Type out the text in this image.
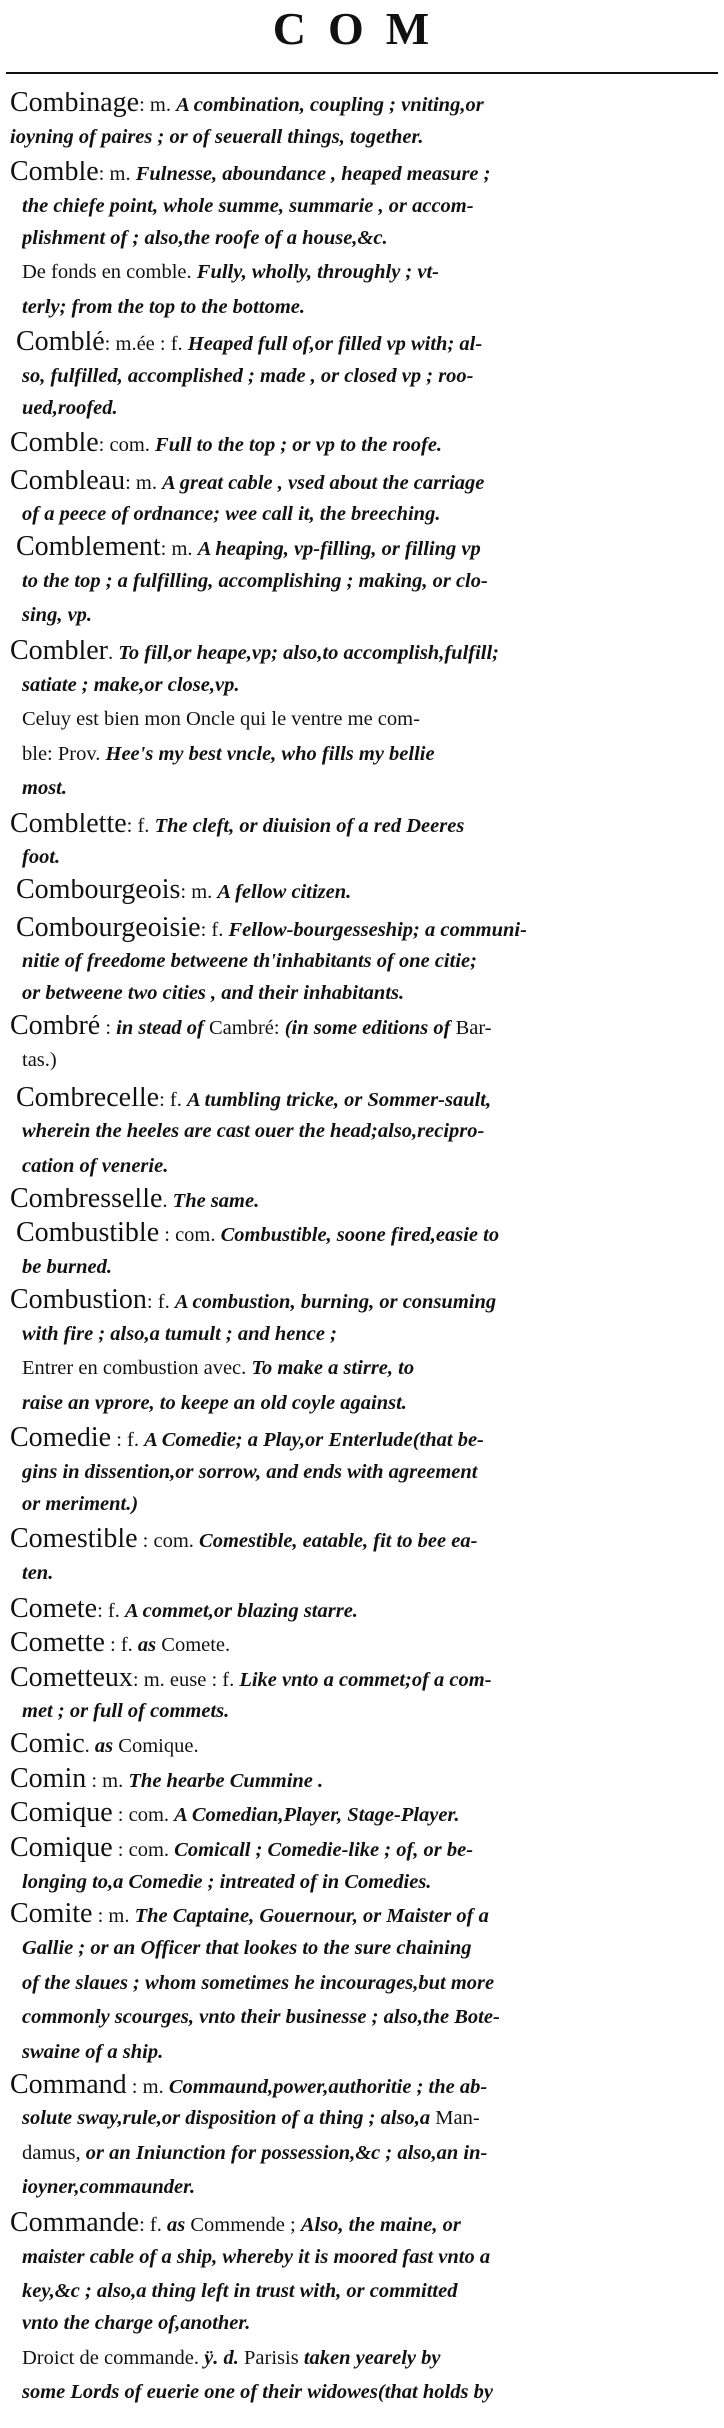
COM
Combinage: m. A combination, coupling ; vniting,or
ioyning of paires ; or of seuerall things, together.
Comble: m. Fulnesse, aboundance , heaped measure ;
the chiefe point, whole summe, summarie , or accom-
plishment of ; also,the roofe of a house,&c.
De fonds en comble. Fully, wholly, throughly ; vt-
terly; from the top to the bottome.
Comblé: m.ée : f. Heaped full of,or filled vp with; al-
so, fulfilled, accomplished ; made , or closed vp ; roo-
ued,roofed.
Comble: com. Full to the top ; or vp to the roofe.
Combleau: m. A great cable , vsed about the carriage
of a peece of ordnance; wee call it, the breeching.
Comblement: m. A heaping, vp-filling, or filling vp
to the top ; a fulfilling, accomplishing ; making, or clo-
sing, vp.
Combler. To fill,or heape,vp; also,to accomplish,fulfill;
satiate ; make,or close,vp.
Celuy est bien mon Oncle qui le ventre me com-
ble: Prov. Hee's my best vncle, who fills my bellie
most.
Comblette: f. The cleft, or diuision of a red Deeres
foot.
Combourgeois: m. A fellow citizen.
Combourgeoisie: f. Fellow-bourgesseship; a communi-
nitie of freedome betweene th'inhabitants of one citie;
or betweene two cities , and their inhabitants.
Combré : in stead of Cambré: (in some editions of Bar-
tas.)
Combrecelle: f. A tumbling tricke, or Sommer-sault,
wherein the heeles are cast ouer the head;also,recipro-
cation of venerie.
Combresselle. The same.
Combustible : com. Combustible, soone fired,easie to
be burned.
Combustion: f. A combustion, burning, or consuming
with fire ; also,a tumult ; and hence ;
Entrer en combustion avec. To make a stirre, to
raise an vprore, to keepe an old coyle against.
Comedie : f. A Comedie; a Play,or Enterlude(that be-
gins in dissention,or sorrow, and ends with agreement
or meriment.)
Comestible : com. Comestible, eatable, fit to bee ea-
ten.
Comete: f. A commet,or blazing starre.
Comette : f. as Comete.
Cometteux: m. euse : f. Like vnto a commet;of a com-
met ; or full of commets.
Comic. as Comique.
Comin : m. The hearbe Cummine .
Comique : com. A Comedian,Player, Stage-Player.
Comique : com. Comicall ; Comedie-like ; of, or be-
longing to,a Comedie ; intreated of in Comedies.
Comite : m. The Captaine, Gouernour, or Maister of a
Gallie ; or an Officer that lookes to the sure chaining
of the slaues ; whom sometimes he incourages,but more
commonly scourges, vnto their businesse ; also,the Bote-
swaine of a ship.
Command : m. Commaund,power,authoritie ; the ab-
solute sway,rule,or disposition of a thing ; also,a Man-
damus, or an Iniunction for possession,&c ; also,an in-
ioyner,commaunder.
Commande: f. as Commende ; Also, the maine, or
maister cable of a ship, whereby it is moored fast vnto a
key,&c ; also,a thing left in trust with, or committed
vnto the charge of,another.
Droict de commande. ÿ. d. Parisis taken yearely by
some Lords of euerie one of their widowes(that holds by
